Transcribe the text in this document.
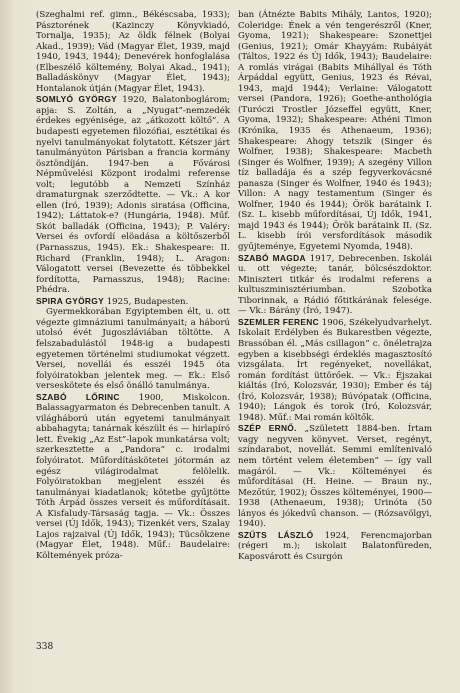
(Szeghalmi ref. gimn., Békéscsaba, 1933); Pásztorének (Kazinczy Könyvkiadó, Tornalja, 1935); Az öldk félnek (Bolyai Akad., 1939); Vád (Magyar Élet, 1939, majd 1940, 1943, 1944); Denevérek honfoglalása (Elbeszélő költemény, Bolyai Akad., 1941); Balladáskönyv (Magyar Élet, 1943); Hontalanok útján (Magyar Élet, 1943).

SOMLYÓ GYÖRGY 1920, Balatonboglárom; apja: S. Zoltán, a „Nyugat”-nemzedék érdekes egyénisége, az „átkozott költő”. A budapesti egyetemen filozófiai, esztétikai és nyelvi tanulmányokat folytatott. Kétszer járt tanulmányúton Párisban a francia kormány ösztöndíján. 1947-ben a Fővárosi Népművelési Központ irodalmi referense volt; legutóbb a Nemzeti Színház dramaturgnak szerződtette. — Vk.: A kor ellen (Író, 1939); Adonis siratása (Officina, 1942); Láttatok-e? (Hungária, 1948). Műf. Skót balladák (Officina, 1943); P. Valéry: Versei és ovfordí elöadása a költőszerből (Parnasszus, 1945). Ek.: Shakespeare: II. Richard (Franklin, 1948); L. Aragon: Válogatott versei (Bevezette és többekkel fordította, Parnasszus, 1948); Racine: Phédra.

SPIRA GYÖRGY 1925, Budapesten.

Gyermekkorában Egyiptemben élt, u. ott végezte gimnáziumi tanulmányait; a háború utolsó évét Jugoszláviában töltötte. A felszabadulástól 1948-ig a budapesti egyetemen történelmi studiumokat végzett. Versei, novellái és esszéi 1945 óta folyóiratokban jelentek meg. — Ek.: Első verseskötete és első önálló tanulmánya.

SZABÓ LŐRINC 1900, Miskolcon. Balassagyarmaton és Debrecenben tanult. A világháború után egyetemi tanulmányait abbahagyta; tanárnak készült és — hirlapíró lett. Évekig „Az Est”-lapok munkatársa volt; szerkesztette a „Pandora” c. irodalmi folyóiratot. Műfordításkötetei jótormán az egész világirodalmat felölelik. Folyóiratokban megjelent esszéi és tanulmányai kiadatlanok; kötetbe gyűjtötte Tóth Árpád összes verseit és műfordításait. A Kisfaludy-Társaság tagja. — Vk.: Összes versei (Új Idők, 1943); Tizenkét vers, Szalay Lajos rajzaival (Új Idők, 1943); Tücsökzene (Magyar Élet, 1948). Műf.: Baudelaire: Költemények próza-

ban (Átnézte Babits Mihály, Lantos, 1920); Coleridge: Ének a vén tengerészről (Kner, Gyoma, 1921); Shakespeare: Szonettjei (Genius, 1921); Omár Khayyám: Rubáiyát (Táltos, 1922 és Új Idők, 1943); Baudelaire: A romlás virágai (Babits Mihállyal és Tóth Árpáddal együtt, Genius, 1923 és Révai, 1943, majd 1944); Verlaine: Válogatott versei (Pandora, 1926); Goethe-anthológia (Turóczi Trostler Józseffel együtt, Kner, Gyoma, 1932); Shakespeare: Athéni Timon (Krónika, 1935 és Athenaeum, 1936); Shakespeare: Ahogy tetszik (Singer és Wolfner, 1938); Shakespeare: Macbeth (Singer és Wolfner, 1939); A szegény Villon tíz balladája és a szép fegyverkovácsné panasza (Singer és Wolfner, 1940 és 1943); Villon: A nagy testamentum (Singer és Wolfner, 1940 és 1944); Örök barátaink I. (Sz. L. kisebb műfordításai, Új Idők, 1941, majd 1943 és 1944); Örök barátaink II. (Sz. L. kisebb írói versfordítások második gyűjteménye, Egyetemi Nyomda, 1948).

SZABÓ MAGDA 1917, Debrecenben. Iskolái u. ott végezte; tanár, bölcsészdoktor. Miniszteri titkár és irodalmi referens a kultuszminisztériumban. Szobotka Tiborinnak, a Rádió főtitkárának felesége. — Vk.: Bárány (Író, 1947).

SZEMLER FERENC 1906, Székelyudvarhelyt. Iskolait Erdélyben és Bukarestben végezte, Brassóban él. „Más csillagon” c. önéletrajza egyben a kisebbségi érdeklés magasztosító vizsgálata. Írt regényeket, novellákat, román fordítást üttörőek. — Vk.: Éjszakai kiáltás (Író, Kolozsvár, 1930); Ember és táj (Író, Kolozsvár, 1938); Búvópatak (Officina, 1940); Lángok és torok (Író, Kolozsvár, 1948). Műf.: Mai román költők.

SZÉP ERNŐ. „Született 1884-ben. Írtam vagy negyven könyvet. Verset, regényt, színdarabot, novellát. Semmi említenivaló nem történt velem életemben” — így vall magáról. — Vk.: Költeményei és műfordításai (H. Heine. — Braun ny., Mezőtúr, 1902); Összes költeményei, 1900—1938 (Athenaeum, 1938); Urinóta (50 lányos és jókedvű chanson. — (Rózsavölgyi, 1940).

SZŰTS LÁSZLÓ 1924, Ferencmajorban (régeri m.); iskolait Balatonfüreden, Kaposvárott és Csurgón

338
